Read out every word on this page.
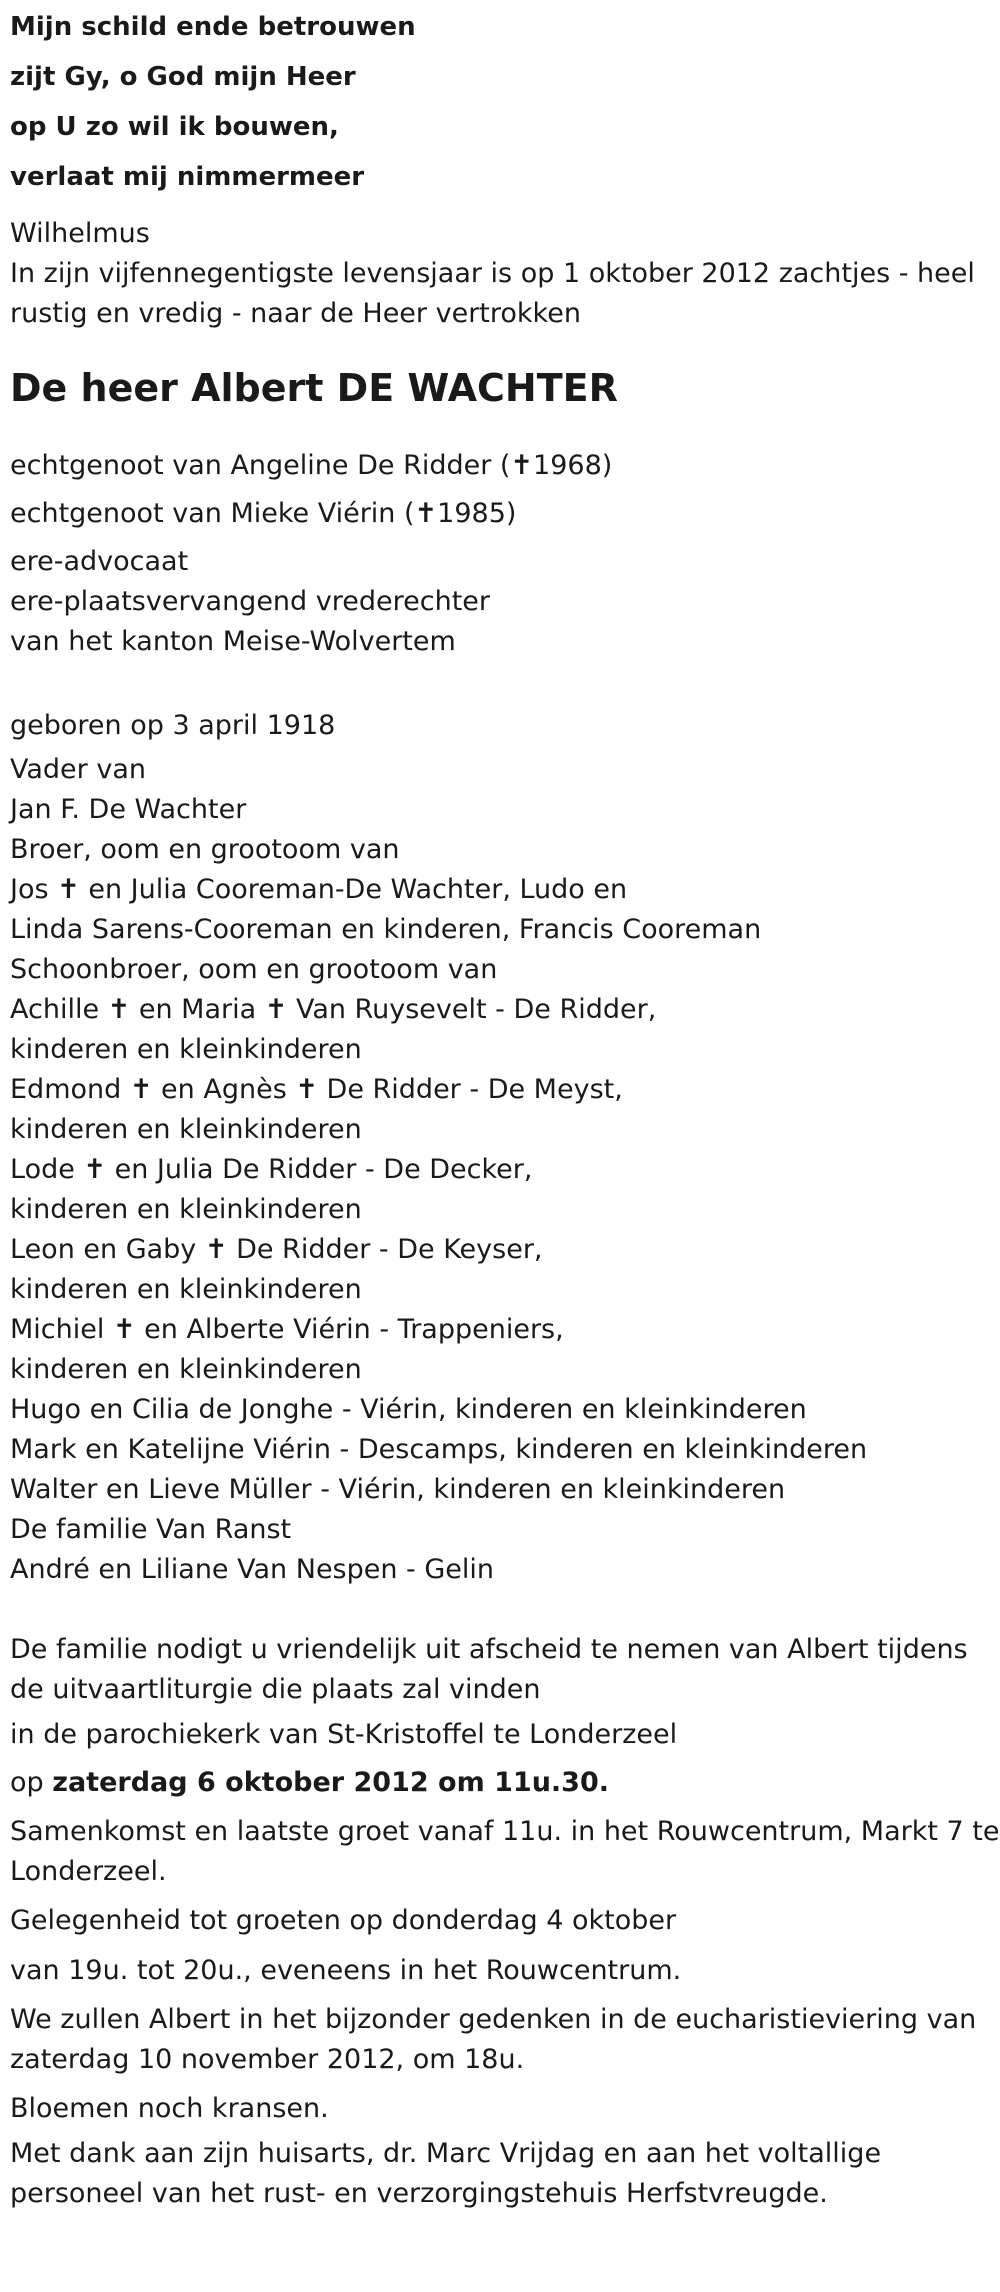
Mijn schild ende betrouwen

zijt Gy, o God mijn Heer

op U zo wil ik bouwen,

verlaat mij nimmermeer

Wilhelmus

In zijn vijfennegentigste levensjaar is op 1 oktober 2012 zachtjes - heel

rustig en vredig - naar de Heer vertrokken

De heer Albert DE WACHTER

echtgenoot van Angeline De Ridder (✝1968)

echtgenoot van Mieke Viérin (✝1985)

ere-advocaat

ere-plaatsvervangend vrederechter

van het kanton Meise-Wolvertem

geboren op 3 april 1918

Vader van

Jan F. De Wachter

Broer, oom en grootoom van

Jos ✝ en Julia Cooreman-De Wachter, Ludo en

Linda Sarens-Cooreman en kinderen, Francis Cooreman

Schoonbroer, oom en grootoom van

Achille ✝ en Maria ✝ Van Ruysevelt - De Ridder,

kinderen en kleinkinderen

Edmond ✝ en Agnès ✝ De Ridder - De Meyst,

kinderen en kleinkinderen

Lode ✝ en Julia De Ridder - De Decker,

kinderen en kleinkinderen

Leon en Gaby ✝ De Ridder - De Keyser,

kinderen en kleinkinderen

Michiel ✝ en Alberte Viérin - Trappeniers,

kinderen en kleinkinderen

Hugo en Cilia de Jonghe - Viérin, kinderen en kleinkinderen

Mark en Katelijne Viérin - Descamps, kinderen en kleinkinderen

Walter en Lieve Müller - Viérin, kinderen en kleinkinderen

De familie Van Ranst

André en Liliane Van Nespen - Gelin

De familie nodigt u vriendelijk uit afscheid te nemen van Albert tijdens

de uitvaartliturgie die plaats zal vinden

in de parochiekerk van St-Kristoffel te Londerzeel

op zaterdag 6 oktober 2012 om 11u.30.

Samenkomst en laatste groet vanaf 11u. in het Rouwcentrum, Markt 7 te

Londerzeel.

Gelegenheid tot groeten op donderdag 4 oktober

van 19u. tot 20u., eveneens in het Rouwcentrum.

We zullen Albert in het bijzonder gedenken in de eucharistieviering van

zaterdag 10 november 2012, om 18u.

Bloemen noch kransen.

Met dank aan zijn huisarts, dr. Marc Vrijdag en aan het voltallige

personeel van het rust- en verzorgingstehuis Herfstvreugde.
